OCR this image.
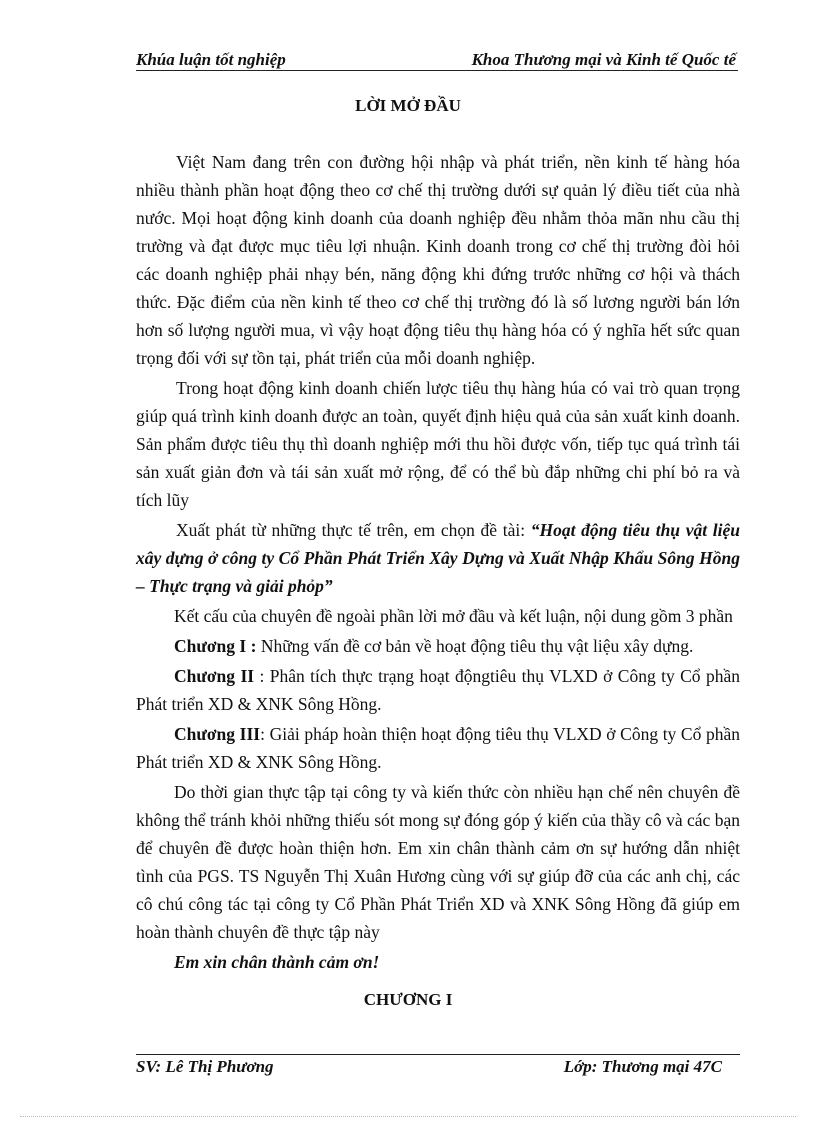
Khúa luận tốt nghiệp	Khoa Thương mại và Kinh tế Quốc tế
LỜI MỞ ĐẦU

Việt Nam đang trên con đường hội nhập và phát triển, nền kinh tế hàng hóa nhiều thành phần hoạt động theo cơ chế thị trường dưới sự quản lý điều tiết của nhà nước. Mọi hoạt động kinh doanh của doanh nghiệp đều nhằm thỏa mãn nhu cầu thị trường và đạt được mục tiêu lợi nhuận. Kinh doanh trong cơ chế thị trường đòi hỏi các doanh nghiệp phải nhạy bén, năng động khi đứng trước những cơ hội và thách thức. Đặc điểm của nền kinh tế theo cơ chế thị trường đó là số lương người bán lớn hơn số lượng người mua, vì vậy hoạt động tiêu thụ hàng hóa có ý nghĩa hết sức quan trọng đối với sự tồn tại, phát triển của mỗi doanh nghiệp.

Trong hoạt động kinh doanh chiến lược tiêu thụ hàng húa có vai trò quan trọng giúp quá trình kinh doanh được an toàn, quyết định hiệu quả của sản xuất kinh doanh. Sản phẩm được tiêu thụ thì doanh nghiệp mới thu hồi được vốn, tiếp tục quá trình tái sản xuất giản đơn và tái sản xuất mở rộng, để có thể bù đắp những chi phí bỏ ra và tích lũy

Xuất phát từ những thực tế trên, em chọn đề tài: “Hoạt động tiêu thụ vật liệu xây dựng ở công ty Cổ Phần Phát Triển Xây Dựng và Xuất Nhập Khẩu Sông Hồng – Thực trạng và giải phỏp”

Kết cấu của chuyên đề ngoài phần lời mở đầu và kết luận, nội dung gồm 3 phần

Chương I : Những vấn đề cơ bản về hoạt động tiêu thụ vật liệu xây dựng.

Chương II : Phân tích thực trạng hoạt độngtiêu thụ VLXD ở Công ty Cổ phần Phát triển XD & XNK Sông Hồng.

Chương III: Giải pháp hoàn thiện hoạt động tiêu thụ VLXD ở Công ty Cổ phần Phát triển XD & XNK Sông Hồng.

Do thời gian thực tập tại công ty và kiến thức còn nhiều hạn chế nên chuyên đề không thể tránh khỏi những thiếu sót mong sự đóng góp ý kiến của thầy cô và các bạn để chuyên đề được hoàn thiện hơn. Em xin chân thành cảm ơn sự hướng dẫn nhiệt tình của PGS. TS Nguyễn Thị Xuân Hương cùng với sự giúp đỡ của các anh chị, các cô chú công tác tại công ty Cổ Phần Phát Triển XD và XNK Sông Hồng đã giúp em hoàn thành chuyên đề thực tập này

Em xin chân thành cảm ơn!

CHƯƠNG I
SV: Lê Thị Phương	Lớp: Thương mại 47C
